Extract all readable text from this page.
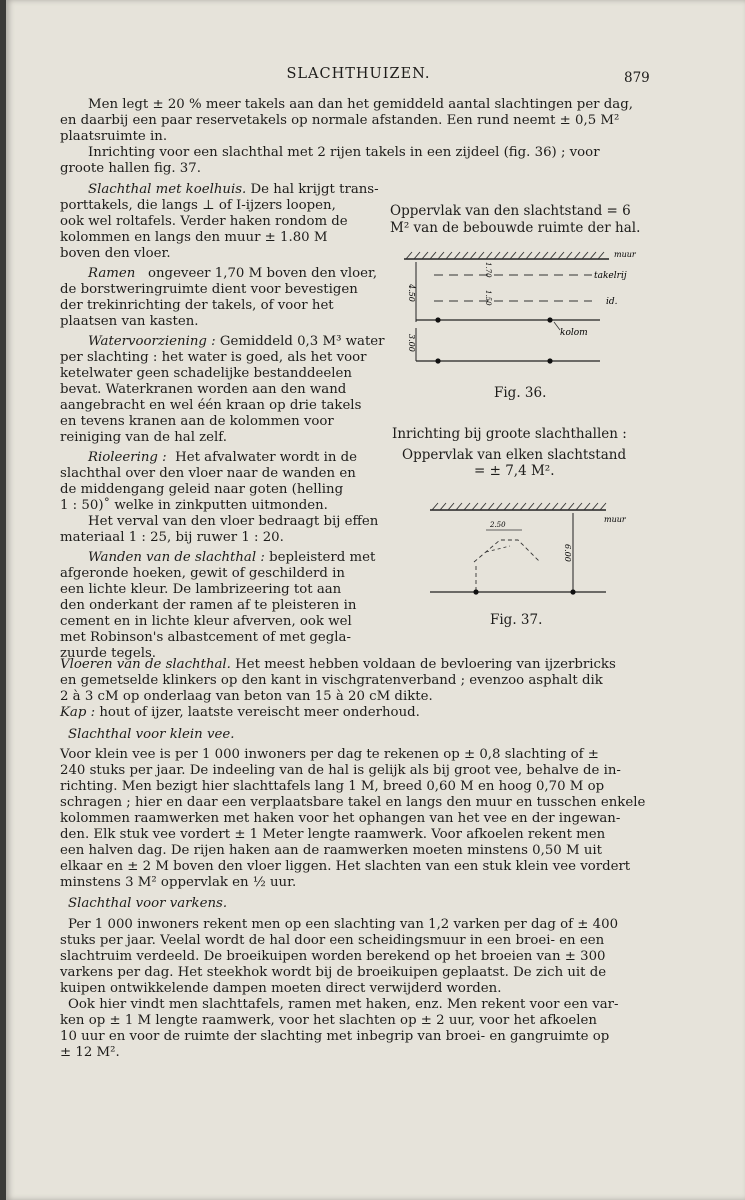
SLACHTHUIZEN.	879
Men legt ± 20 % meer takels aan dan het gemiddeld aantal slachtingen per dag,
en daarbij een paar reservetakels op normale afstanden. Een rund neemt ± 0,5 M²
plaatsruimte in.
Inrichting voor een slachthal met 2 rijen takels in een zijdeel (fig. 36) ; voor
groote hallen fig. 37.
Slachthal met koelhuis. De hal krijgt trans-
porttakels, die langs ⊥ of I-ijzers loopen,
ook wel roltafels. Verder haken rondom de
kolommen en langs den muur ± 1.80 M
boven den vloer.
Ramen ongeveer 1,70 M boven den vloer,
de borstweringruimte dient voor bevestigen
der trekinrichting der takels, of voor het
plaatsen van kasten.
Watervoorziening : Gemiddeld 0,3 M³ water
per slachting : het water is goed, als het voor
ketelwater geen schadelijke bestanddeelen
bevat. Waterkranen worden aan den wand
aangebracht en wel één kraan op drie takels
en tevens kranen aan de kolommen voor
reiniging van de hal zelf.
Rioleering : Het afvalwater wordt in de
slachthal over den vloer naar de wanden en
de middengang geleid naar goten (helling
1 : 50)˚ welke in zinkputten uitmonden.
Het verval van den vloer bedraagt bij effen
materiaal 1 : 25, bij ruwer 1 : 20.
Wanden van de slachthal : bepleisterd met
afgeronde hoeken, gewit of geschilderd in
een lichte kleur. De lambrizeering tot aan
den onderkant der ramen af te pleisteren in
cement en in lichte kleur afverven, ook wel
met Robinson's albastcement of met gegla-
zuurde tegels.
Oppervlak van den slachtstand = 6
M² van de bebouwde ruimte der hal.
muur
takelrij
id.
kolom
4.50
1.70
1.50
3.00
Fig. 36.
Inrichting bij groote slachthallen :
Oppervlak van elken slachtstand
= ± 7,4 M².
muur
6.00
2.50
Fig. 37.
Vloeren van de slachthal. Het meest hebben voldaan de bevloering van ijzerbricks
en gemetselde klinkers op den kant in vischgratenverband ; evenzoo asphalt dik
2 à 3 cM op onderlaag van beton van 15 à 20 cM dikte.
Kap : hout of ijzer, laatste vereischt meer onderhoud.
Slachthal voor klein vee.
Voor klein vee is per 1 000 inwoners per dag te rekenen op ± 0,8 slachting of ±
240 stuks per jaar. De indeeling van de hal is gelijk als bij groot vee, behalve de in-
richting. Men bezigt hier slachttafels lang 1 M, breed 0,60 M en hoog 0,70 M op
schragen ; hier en daar een verplaatsbare takel en langs den muur en tusschen enkele
kolommen raamwerken met haken voor het ophangen van het vee en der ingewan-
den. Elk stuk vee vordert ± 1 Meter lengte raamwerk. Voor afkoelen rekent men
een halven dag. De rijen haken aan de raamwerken moeten minstens 0,50 M uit
elkaar en ± 2 M boven den vloer liggen. Het slachten van een stuk klein vee vordert
minstens 3 M² oppervlak en ½ uur.
Slachthal voor varkens.
Per 1 000 inwoners rekent men op een slachting van 1,2 varken per dag of ± 400
stuks per jaar. Veelal wordt de hal door een scheidingsmuur in een broei- en een
slachtruim verdeeld. De broeikuipen worden berekend op het broeien van ± 300
varkens per dag. Het steekhok wordt bij de broeikuipen geplaatst. De zich uit de
kuipen ontwikkelende dampen moeten direct verwijderd worden.
Ook hier vindt men slachttafels, ramen met haken, enz. Men rekent voor een var-
ken op ± 1 M lengte raamwerk, voor het slachten op ± 2 uur, voor het afkoelen
10 uur en voor de ruimte der slachting met inbegrip van broei- en gangruimte op
± 12 M².
